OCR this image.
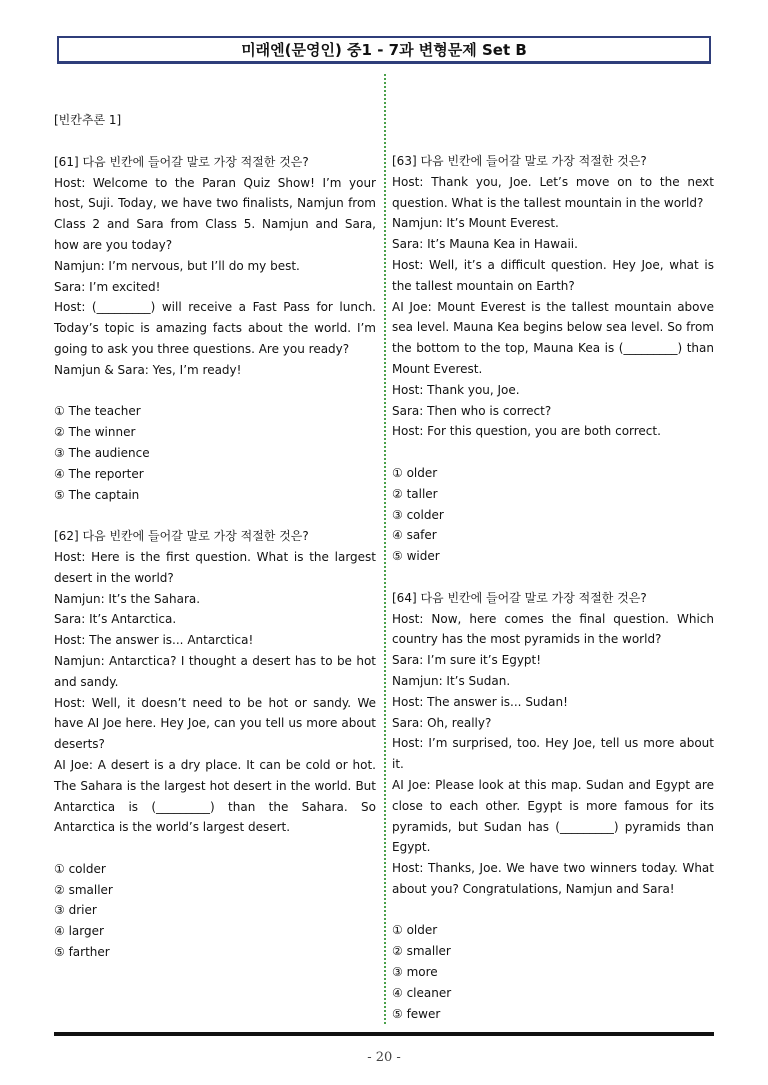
미래엔(문영인) 중1 - 7과 변형문제 Set B

[빈칸추론 1]

[61] 다음 빈칸에 들어갈 말로 가장 적절한 것은?

Host: Welcome to the Paran Quiz Show! I’m your host, Suji. Today, we have two finalists, Namjun from Class 2 and Sara from Class 5. Namjun and Sara, how are you today?

Namjun: I’m nervous, but I’ll do my best.

Sara: I’m excited!

Host: (_________) will receive a Fast Pass for lunch. Today’s topic is amazing facts about the world. I’m going to ask you three questions. Are you ready?

Namjun & Sara: Yes, I’m ready!

① The teacher
② The winner
③ The audience
④ The reporter
⑤ The captain

[62] 다음 빈칸에 들어갈 말로 가장 적절한 것은?

Host: Here is the first question. What is the largest desert in the world?

Namjun: It’s the Sahara.

Sara: It’s Antarctica.

Host: The answer is... Antarctica!

Namjun: Antarctica? I thought a desert has to be hot and sandy.

Host: Well, it doesn’t need to be hot or sandy. We have AI Joe here. Hey Joe, can you tell us more about deserts?

AI Joe: A desert is a dry place. It can be cold or hot. The Sahara is the largest hot desert in the world. But Antarctica is (_________) than the Sahara. So Antarctica is the world’s largest desert.

① colder
② smaller
③ drier
④ larger
⑤ farther

[63] 다음 빈칸에 들어갈 말로 가장 적절한 것은?

Host: Thank you, Joe. Let’s move on to the next question. What is the tallest mountain in the world?

Namjun: It’s Mount Everest.

Sara: It’s Mauna Kea in Hawaii.

Host: Well, it’s a difficult question. Hey Joe, what is the tallest mountain on Earth?

AI Joe: Mount Everest is the tallest mountain above sea level. Mauna Kea begins below sea level. So from the bottom to the top, Mauna Kea is (_________) than Mount Everest.

Host: Thank you, Joe.

Sara: Then who is correct?

Host: For this question, you are both correct.

① older
② taller
③ colder
④ safer
⑤ wider

[64] 다음 빈칸에 들어갈 말로 가장 적절한 것은?

Host: Now, here comes the final question. Which country has the most pyramids in the world?

Sara: I’m sure it’s Egypt!

Namjun: It’s Sudan.

Host: The answer is... Sudan!

Sara: Oh, really?

Host: I’m surprised, too. Hey Joe, tell us more about it.

AI Joe: Please look at this map. Sudan and Egypt are close to each other. Egypt is more famous for its pyramids, but Sudan has (_________) pyramids than Egypt.

Host: Thanks, Joe. We have two winners today. What about you? Congratulations, Namjun and Sara!

① older
② smaller
③ more
④ cleaner
⑤ fewer
- 20 -
